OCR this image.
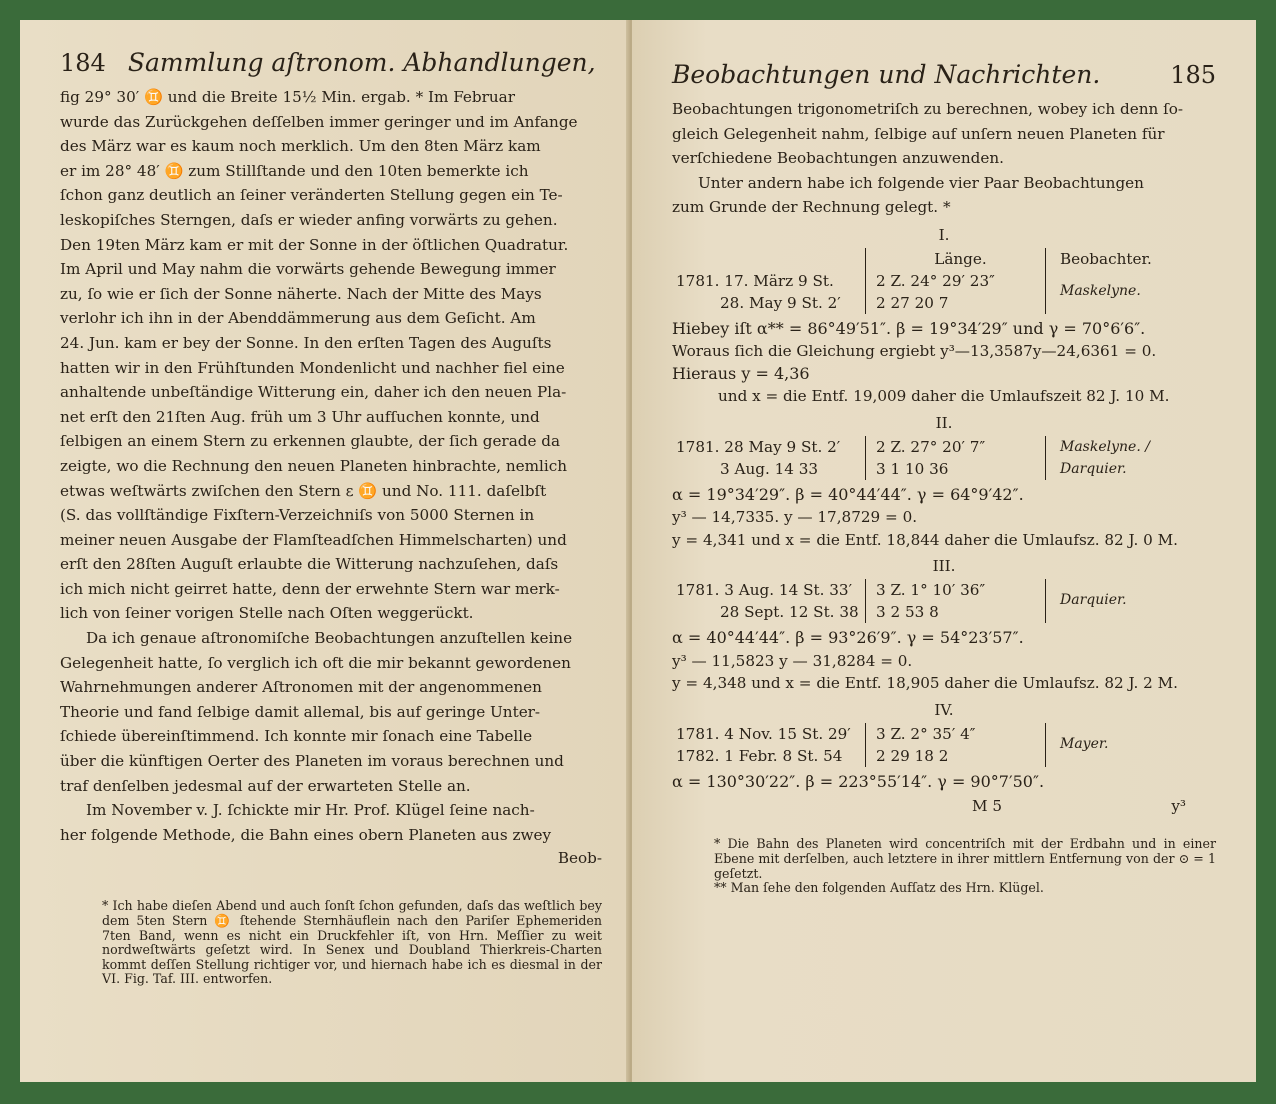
184 Sammlung aſtronom. Abhandlungen,

fig 29° 30′ ♊ und die Breite 15½ Min. ergab. * Im Februar

wurde das Zurückgehen deſſelben immer geringer und im Anfange

des März war es kaum noch merklich. Um den 8ten März kam

er im 28° 48′ ♊ zum Stillſtande und den 10ten bemerkte ich

ſchon ganz deutlich an ſeiner veränderten Stellung gegen ein Te-

leskopiſches Sterngen, daſs er wieder anfing vorwärts zu gehen.

Den 19ten März kam er mit der Sonne in der öſtlichen Quadratur.

Im April und May nahm die vorwärts gehende Bewegung immer

zu, ſo wie er ſich der Sonne näherte. Nach der Mitte des Mays

verlohr ich ihn in der Abenddämmerung aus dem Geſicht. Am

24. Jun. kam er bey der Sonne. In den erſten Tagen des Auguſts

hatten wir in den Frühſtunden Mondenlicht und nachher fiel eine

anhaltende unbeſtändige Witterung ein, daher ich den neuen Pla-

net erſt den 21ſten Aug. früh um 3 Uhr aufſuchen konnte, und

ſelbigen an einem Stern zu erkennen glaubte, der ſich gerade da

zeigte, wo die Rechnung den neuen Planeten hinbrachte, nemlich

etwas weſtwärts zwiſchen den Stern ε ♊ und No. 111. daſelbſt

(S. das vollſtändige Fixſtern-Verzeichniſs von 5000 Sternen in

meiner neuen Ausgabe der Flamſteadſchen Himmelscharten) und

erſt den 28ſten Auguſt erlaubte die Witterung nachzuſehen, daſs

ich mich nicht geirret hatte, denn der erwehnte Stern war merk-

lich von ſeiner vorigen Stelle nach Oſten weggerückt.

Da ich genaue aſtronomiſche Beobachtungen anzuſtellen keine

Gelegenheit hatte, ſo verglich ich oft die mir bekannt gewordenen

Wahrnehmungen anderer Aſtronomen mit der angenommenen

Theorie und fand ſelbige damit allemal, bis auf geringe Unter-

ſchiede übereinſtimmend. Ich konnte mir ſonach eine Tabelle

über die künftigen Oerter des Planeten im voraus berechnen und

traf denſelben jedesmal auf der erwarteten Stelle an.

Im November v. J. ſchickte mir Hr. Prof. Klügel ſeine nach-

her folgende Methode, die Bahn eines obern Planeten aus zwey

Beob-
* Ich habe dieſen Abend und auch ſonſt ſchon gefunden, daſs das weſtlich bey dem 5ten Stern ♊ ſtehende Sternhäuflein nach den Pariſer Ephemeriden 7ten Band, wenn es nicht ein Druckfehler iſt, von Hrn. Meſſier zu weit nordweſtwärts geſetzt wird. In Senex und Doubland Thierkreis-Charten kommt deſſen Stellung richtiger vor, und hiernach habe ich es diesmal in der VI. Fig. Taf. III. entworfen.
Beobachtungen und Nachrichten.	185

Beobachtungen trigonometriſch zu berechnen, wobey ich denn ſo-

gleich Gelegenheit nahm, ſelbige auf unſern neuen Planeten für

verſchiedene Beobachtungen anzuwenden.

Unter andern habe ich folgende vier Paar Beobachtungen

zum Grunde der Rechnung gelegt. *

I.

1781. 17. März 9 St.
28. May 9 St. 2′
Länge.
2 Z. 24° 29′ 23″
2 27 20 7
Beobachter.
Maskelyne.
Hiebey iſt α** = 86°49′51″. β = 19°34′29″ und γ = 70°6′6″.
Woraus ſich die Gleichung ergiebt y³—13,3587y—24,6361 = 0.
Hieraus y = 4,36
und x = die Entf. 19,009 daher die Umlaufszeit 82 J. 10 M.
II.
1781. 28 May 9 St. 2′
3 Aug. 14 33
2 Z. 27° 20′ 7″
3 1 10 36
Maskelyne. / Darquier.
α = 19°34′29″. β = 40°44′44″. γ = 64°9′42″.
y³ — 14,7335. y — 17,8729 = 0.
y = 4,341 und x = die Entf. 18,844 daher die Umlaufsz. 82 J. 0 M.
III.
1781. 3 Aug. 14 St. 33′
28 Sept. 12 St. 38
3 Z. 1° 10′ 36″
3 2 53 8
Darquier.
α = 40°44′44″. β = 93°26′9″. γ = 54°23′57″.
y³ — 11,5823 y — 31,8284 = 0.
y = 4,348 und x = die Entf. 18,905 daher die Umlaufsz. 82 J. 2 M.
IV.
1781. 4 Nov. 15 St. 29′
1782. 1 Febr. 8 St. 54
3 Z. 2° 35′ 4″
2 29 18 2
Mayer.
α = 130°30′22″. β = 223°55′14″. γ = 90°7′50″.
M 5	y³
* Die Bahn des Planeten wird concentriſch mit der Erdbahn und in einer Ebene mit derſelben, auch letztere in ihrer mittlern Entfernung von der ⊙ = 1 geſetzt.
** Man ſehe den folgenden Aufſatz des Hrn. Klügel.
